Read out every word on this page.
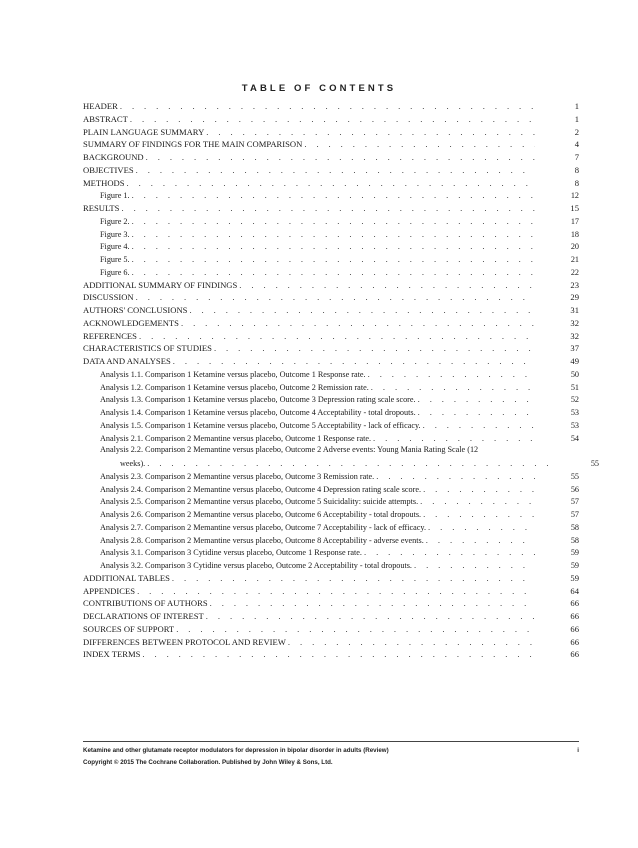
TABLE OF CONTENTS
HEADER . . .	1
ABSTRACT . . .	1
PLAIN LANGUAGE SUMMARY . . .	2
SUMMARY OF FINDINGS FOR THE MAIN COMPARISON . . .	4
BACKGROUND . . .	7
OBJECTIVES . . .	8
METHODS . . .	8
Figure 1. . . .	12
RESULTS . . .	15
Figure 2. . . .	17
Figure 3. . . .	18
Figure 4. . . .	20
Figure 5. . . .	21
Figure 6. . . .	22
ADDITIONAL SUMMARY OF FINDINGS . . .	23
DISCUSSION . . .	29
AUTHORS' CONCLUSIONS . . .	31
ACKNOWLEDGEMENTS . . .	32
REFERENCES . . .	32
CHARACTERISTICS OF STUDIES . . .	37
DATA AND ANALYSES . . .	49
Analysis 1.1. Comparison 1 Ketamine versus placebo, Outcome 1 Response rate. . . .	50
Analysis 1.2. Comparison 1 Ketamine versus placebo, Outcome 2 Remission rate. . . .	51
Analysis 1.3. Comparison 1 Ketamine versus placebo, Outcome 3 Depression rating scale score. . . .	52
Analysis 1.4. Comparison 1 Ketamine versus placebo, Outcome 4 Acceptability - total dropouts. . . .	53
Analysis 1.5. Comparison 1 Ketamine versus placebo, Outcome 5 Acceptability - lack of efficacy. . . .	53
Analysis 2.1. Comparison 2 Memantine versus placebo, Outcome 1 Response rate. . . .	54
Analysis 2.2. Comparison 2 Memantine versus placebo, Outcome 2 Adverse events: Young Mania Rating Scale (12
weeks). . . .	55
Analysis 2.3. Comparison 2 Memantine versus placebo, Outcome 3 Remission rate. . . .	55
Analysis 2.4. Comparison 2 Memantine versus placebo, Outcome 4 Depression rating scale score. . . .	56
Analysis 2.5. Comparison 2 Memantine versus placebo, Outcome 5 Suicidality: suicide attempts. . . .	57
Analysis 2.6. Comparison 2 Memantine versus placebo, Outcome 6 Acceptability - total dropouts. . . .	57
Analysis 2.7. Comparison 2 Memantine versus placebo, Outcome 7 Acceptability - lack of efficacy. . . .	58
Analysis 2.8. Comparison 2 Memantine versus placebo, Outcome 8 Acceptability - adverse events. . . .	58
Analysis 3.1. Comparison 3 Cytidine versus placebo, Outcome 1 Response rate. . . .	59
Analysis 3.2. Comparison 3 Cytidine versus placebo, Outcome 2 Acceptability - total dropouts. . . .	59
ADDITIONAL TABLES . . .	59
APPENDICES . . .	64
CONTRIBUTIONS OF AUTHORS . . .	66
DECLARATIONS OF INTEREST . . .	66
SOURCES OF SUPPORT . . .	66
DIFFERENCES BETWEEN PROTOCOL AND REVIEW . . .	66
INDEX TERMS . . .	66
Ketamine and other glutamate receptor modulators for depression in bipolar disorder in adults (Review)	i
Copyright © 2015 The Cochrane Collaboration. Published by John Wiley & Sons, Ltd.
